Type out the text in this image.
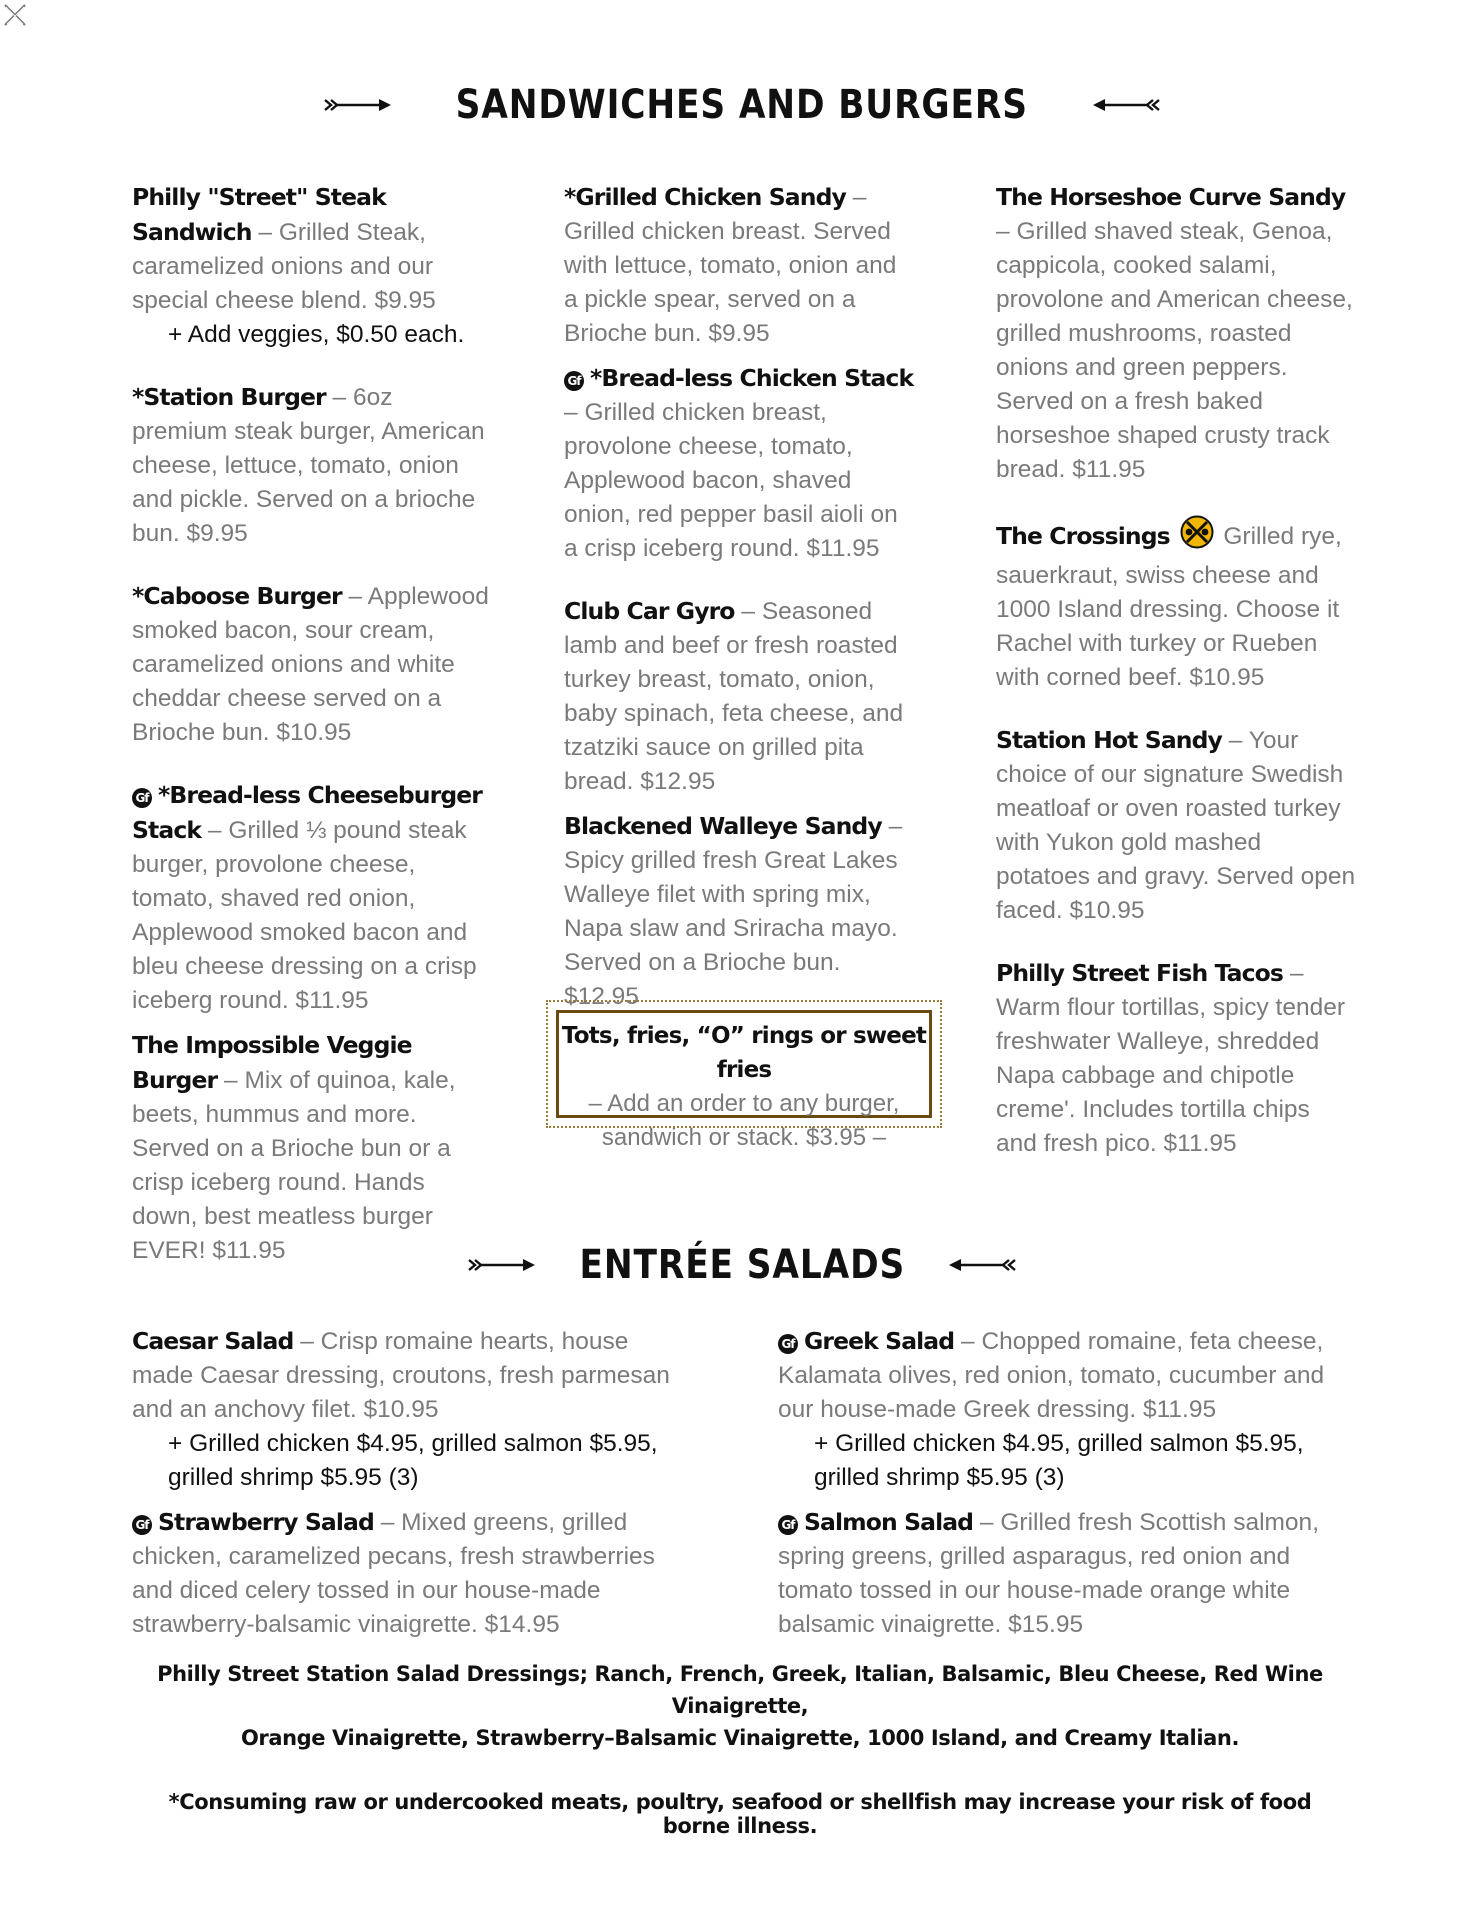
SANDWICHES AND BURGERS
Philly "Street" Steak Sandwich – Grilled Steak, caramelized onions and our special cheese blend. $9.95
+ Add veggies, $0.50 each.
*Station Burger – 6oz premium steak burger, American cheese, lettuce, tomato, onion and pickle. Served on a brioche bun. $9.95
*Caboose Burger – Applewood smoked bacon, sour cream, caramelized onions and white cheddar cheese served on a Brioche bun. $10.95
Gf *Bread-less Cheeseburger Stack – Grilled ⅓ pound steak burger, provolone cheese, tomato, shaved red onion, Applewood smoked bacon and bleu cheese dressing on a crisp iceberg round. $11.95
The Impossible Veggie Burger – Mix of quinoa, kale, beets, hummus and more. Served on a Brioche bun or a crisp iceberg round. Hands down, best meatless burger EVER! $11.95
*Grilled Chicken Sandy – Grilled chicken breast. Served with lettuce, tomato, onion and a pickle spear, served on a Brioche bun. $9.95
Gf *Bread-less Chicken Stack – Grilled chicken breast, provolone cheese, tomato, Applewood bacon, shaved onion, red pepper basil aioli on a crisp iceberg round. $11.95
Club Car Gyro – Seasoned lamb and beef or fresh roasted turkey breast, tomato, onion, baby spinach, feta cheese, and tzatziki sauce on grilled pita bread. $12.95
Blackened Walleye Sandy – Spicy grilled fresh Great Lakes Walleye filet with spring mix, Napa slaw and Sriracha mayo. Served on a Brioche bun. $12.95
Tots, fries, “O” rings or sweet fries
– Add an order to any burger,
sandwich or stack. $3.95 –
The Horseshoe Curve Sandy – Grilled shaved steak, Genoa, cappicola, cooked salami, provolone and American cheese, grilled mushrooms, roasted onions and green peppers. Served on a fresh baked horseshoe shaped crusty track bread. $11.95
The Crossings Grilled rye, sauerkraut, swiss cheese and 1000 Island dressing. Choose it Rachel with turkey or Rueben with corned beef. $10.95
Station Hot Sandy – Your choice of our signature Swedish meatloaf or oven roasted turkey with Yukon gold mashed potatoes and gravy. Served open faced. $10.95
Philly Street Fish Tacos – Warm flour tortillas, spicy tender freshwater Walleye, shredded Napa cabbage and chipotle creme'. Includes tortilla chips and fresh pico. $11.95
ENTRÉE SALADS
Caesar Salad – Crisp romaine hearts, house made Caesar dressing, croutons, fresh parmesan and an anchovy filet. $10.95
+ Grilled chicken $4.95, grilled salmon $5.95,
grilled shrimp $5.95 (3)
Gf Strawberry Salad – Mixed greens, grilled chicken, caramelized pecans, fresh strawberries and diced celery tossed in our house-made strawberry-balsamic vinaigrette. $14.95
Gf Greek Salad – Chopped romaine, feta cheese, Kalamata olives, red onion, tomato, cucumber and our house-made Greek dressing. $11.95
+ Grilled chicken $4.95, grilled salmon $5.95,
grilled shrimp $5.95 (3)
Gf Salmon Salad – Grilled fresh Scottish salmon, spring greens, grilled asparagus, red onion and tomato tossed in our house-made orange white balsamic vinaigrette. $15.95
Philly Street Station Salad Dressings; Ranch, French, Greek, Italian, Balsamic, Bleu Cheese, Red Wine Vinaigrette,
Orange Vinaigrette, Strawberry–Balsamic Vinaigrette, 1000 Island, and Creamy Italian.
*Consuming raw or undercooked meats, poultry, seafood or shellfish may increase your risk of food borne illness.
